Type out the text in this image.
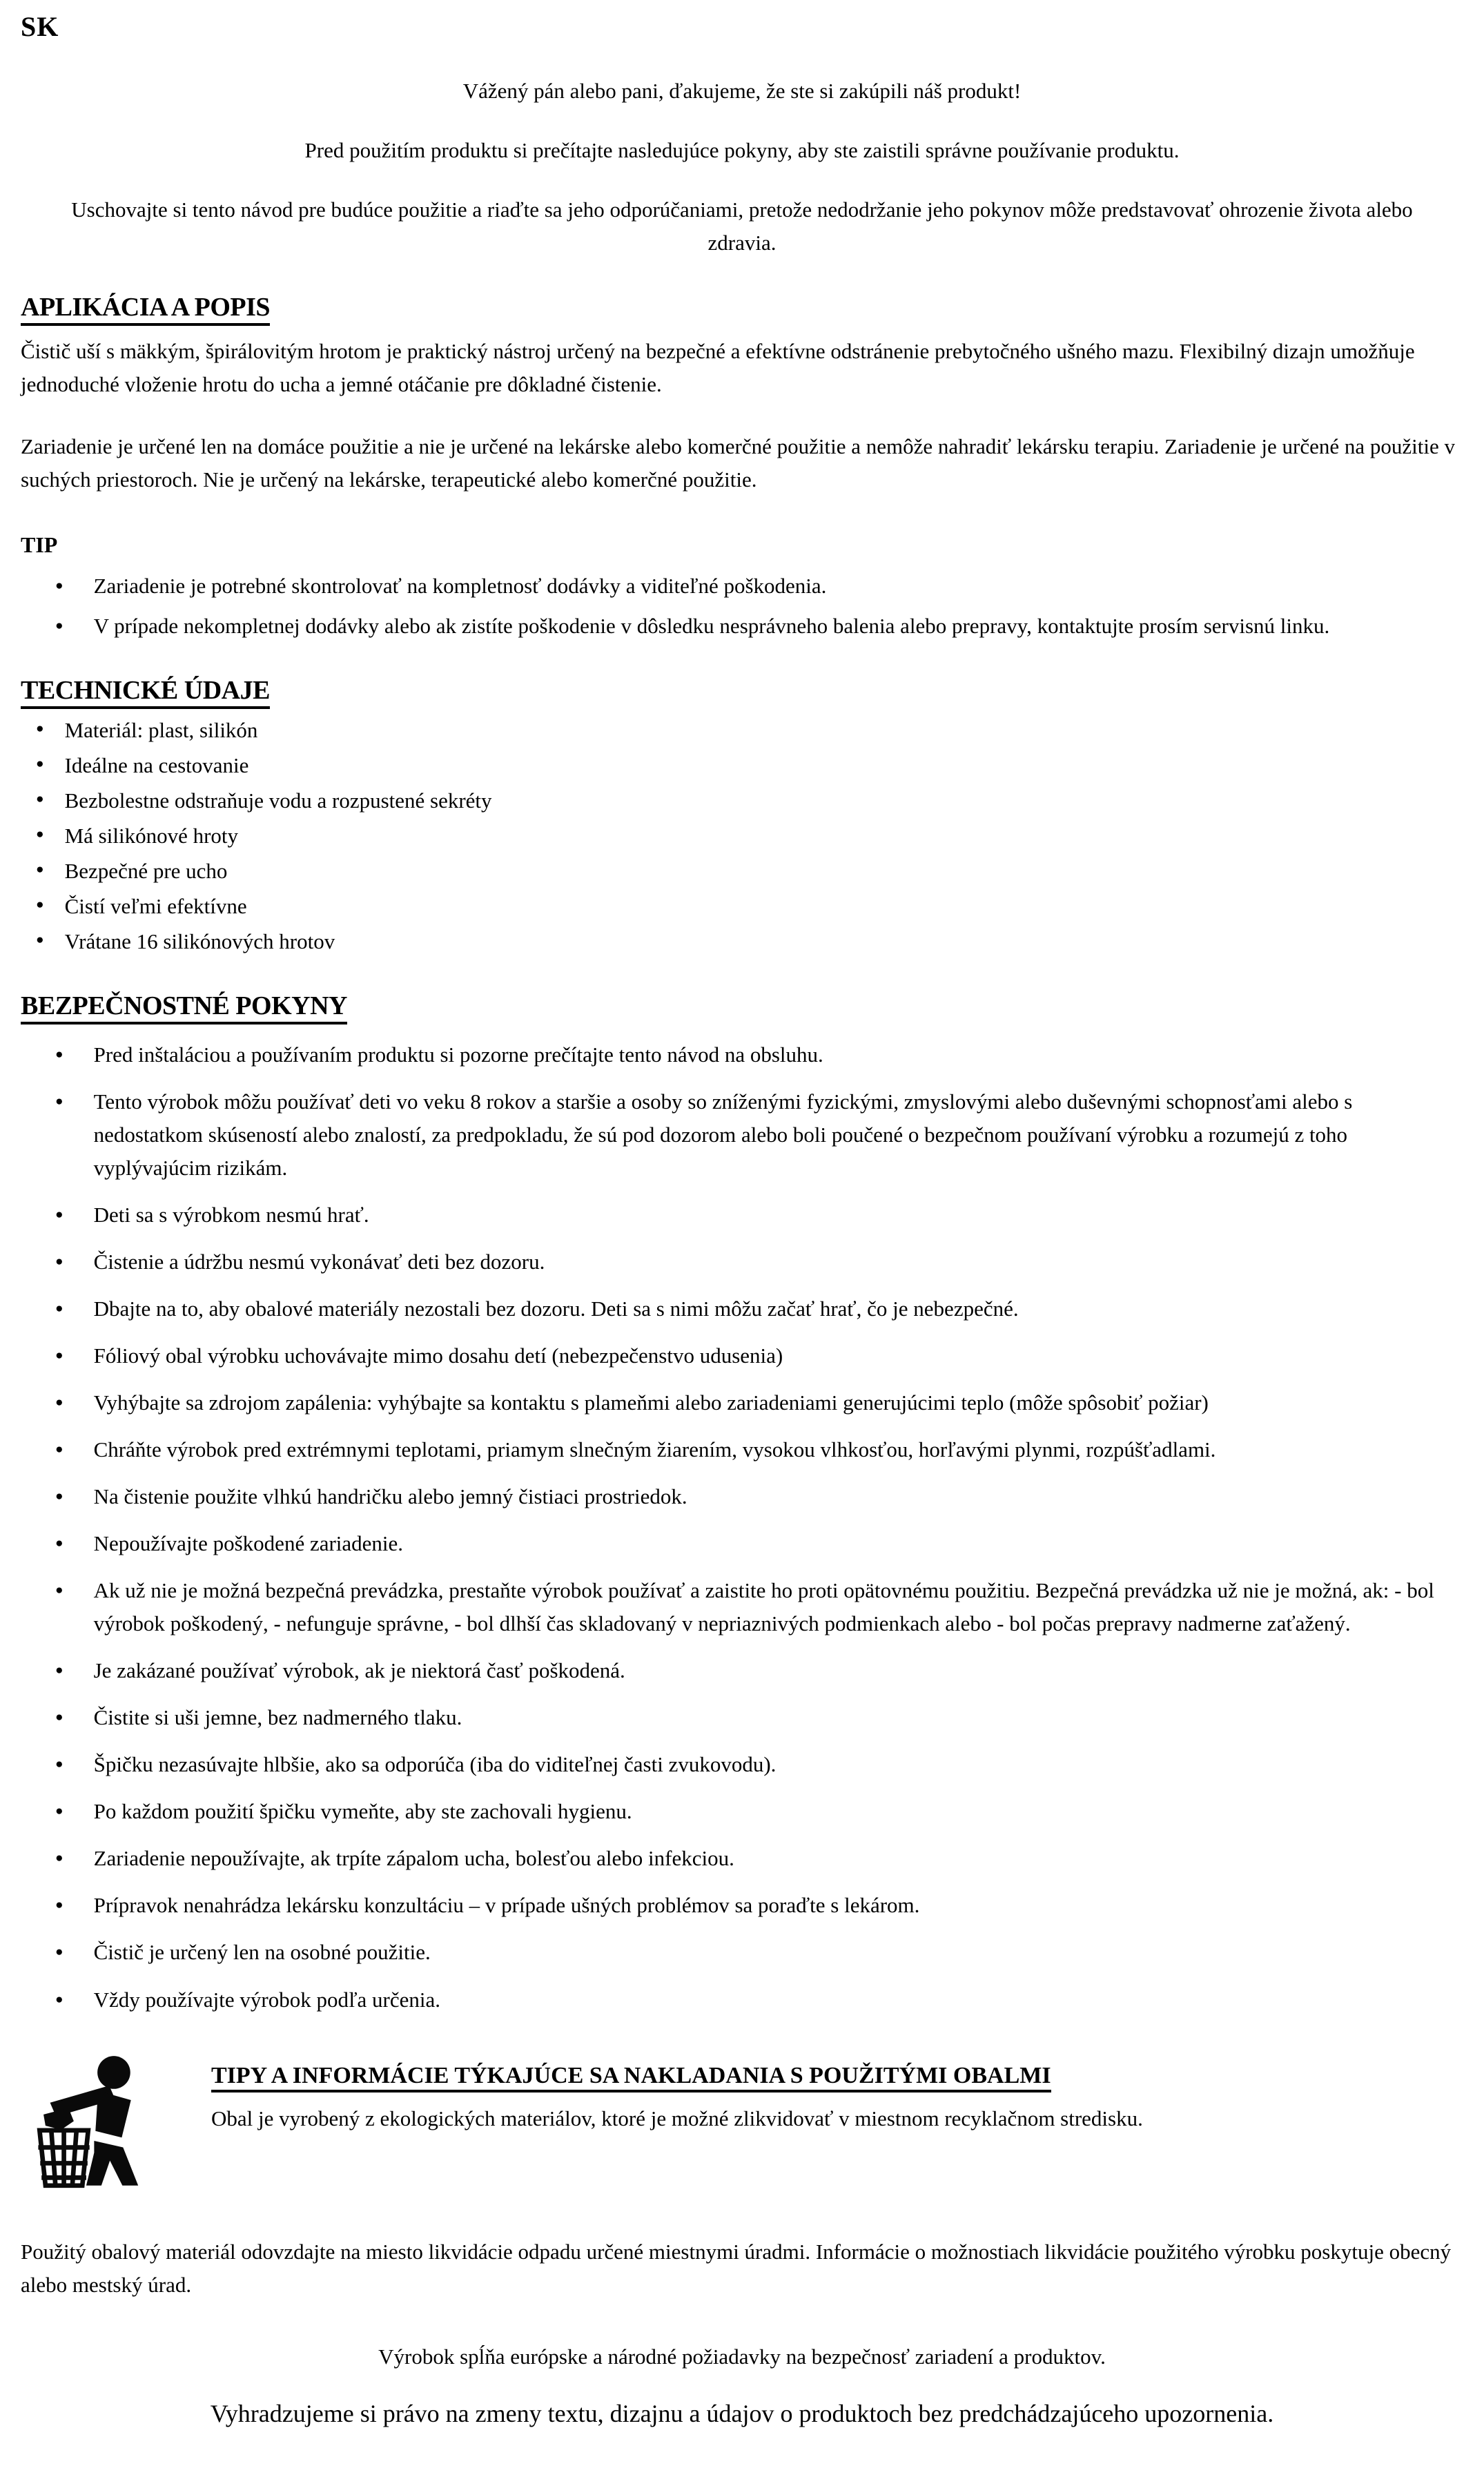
SK

Vážený pán alebo pani, ďakujeme, že ste si zakúpili náš produkt!

Pred použitím produktu si prečítajte nasledujúce pokyny, aby ste zaistili správne používanie produktu.

Uschovajte si tento návod pre budúce použitie a riaďte sa jeho odporúčaniami, pretože nedodržanie jeho pokynov môže predstavovať ohrozenie života alebo zdravia.

APLIKÁCIA A POPIS

Čistič uší s mäkkým, špirálovitým hrotom je praktický nástroj určený na bezpečné a efektívne odstránenie prebytočného ušného mazu. Flexibilný dizajn umožňuje jednoduché vloženie hrotu do ucha a jemné otáčanie pre dôkladné čistenie.

Zariadenie je určené len na domáce použitie a nie je určené na lekárske alebo komerčné použitie a nemôže nahradiť lekársku terapiu. Zariadenie je určené na použitie v suchých priestoroch. Nie je určený na lekárske, terapeutické alebo komerčné použitie.

TIP
● Zariadenie je potrebné skontrolovať na kompletnosť dodávky a viditeľné poškodenia.
● V prípade nekompletnej dodávky alebo ak zistíte poškodenie v dôsledku nesprávneho balenia alebo prepravy, kontaktujte prosím servisnú linku.
TECHNICKÉ ÚDAJE
● Materiál: plast, silikón
● Ideálne na cestovanie
● Bezbolestne odstraňuje vodu a rozpustené sekréty
● Má silikónové hroty
● Bezpečné pre ucho
● Čistí veľmi efektívne
● Vrátane 16 silikónových hrotov
BEZPEČNOSTNÉ POKYNY
● Pred inštaláciou a používaním produktu si pozorne prečítajte tento návod na obsluhu.
● Tento výrobok môžu používať deti vo veku 8 rokov a staršie a osoby so zníženými fyzickými, zmyslovými alebo duševnými schopnosťami alebo s nedostatkom skúseností alebo znalostí, za predpokladu, že sú pod dozorom alebo boli poučené o bezpečnom používaní výrobku a rozumejú z toho vyplývajúcim rizikám.
● Deti sa s výrobkom nesmú hrať.
● Čistenie a údržbu nesmú vykonávať deti bez dozoru.
● Dbajte na to, aby obalové materiály nezostali bez dozoru. Deti sa s nimi môžu začať hrať, čo je nebezpečné.
● Fóliový obal výrobku uchovávajte mimo dosahu detí (nebezpečenstvo udusenia)
● Vyhýbajte sa zdrojom zapálenia: vyhýbajte sa kontaktu s plameňmi alebo zariadeniami generujúcimi teplo (môže spôsobiť požiar)
● Chráňte výrobok pred extrémnymi teplotami, priamym slnečným žiarením, vysokou vlhkosťou, horľavými plynmi, rozpúšťadlami.
● Na čistenie použite vlhkú handričku alebo jemný čistiaci prostriedok.
● Nepoužívajte poškodené zariadenie.
● Ak už nie je možná bezpečná prevádzka, prestaňte výrobok používať a zaistite ho proti opätovnému použitiu. Bezpečná prevádzka už nie je možná, ak: - bol výrobok poškodený, - nefunguje správne, - bol dlhší čas skladovaný v nepriaznivých podmienkach alebo - bol počas prepravy nadmerne zaťažený.
● Je zakázané používať výrobok, ak je niektorá časť poškodená.
● Čistite si uši jemne, bez nadmerného tlaku.
● Špičku nezasúvajte hlbšie, ako sa odporúča (iba do viditeľnej časti zvukovodu).
● Po každom použití špičku vymeňte, aby ste zachovali hygienu.
● Zariadenie nepoužívajte, ak trpíte zápalom ucha, bolesťou alebo infekciou.
● Prípravok nenahrádza lekársku konzultáciu – v prípade ušných problémov sa poraďte s lekárom.
● Čistič je určený len na osobné použitie.
● Vždy používajte výrobok podľa určenia.
TIPY A INFORMÁCIE TÝKAJÚCE SA NAKLADANIA S POUŽITÝMI OBALMI

Obal je vyrobený z ekologických materiálov, ktoré je možné zlikvidovať v miestnom recyklačnom stredisku.

Použitý obalový materiál odovzdajte na miesto likvidácie odpadu určené miestnymi úradmi. Informácie o možnostiach likvidácie použitého výrobku poskytuje obecný alebo mestský úrad.

Výrobok spĺňa európske a národné požiadavky na bezpečnosť zariadení a produktov.

Vyhradzujeme si právo na zmeny textu, dizajnu a údajov o produktoch bez predchádzajúceho upozornenia.
